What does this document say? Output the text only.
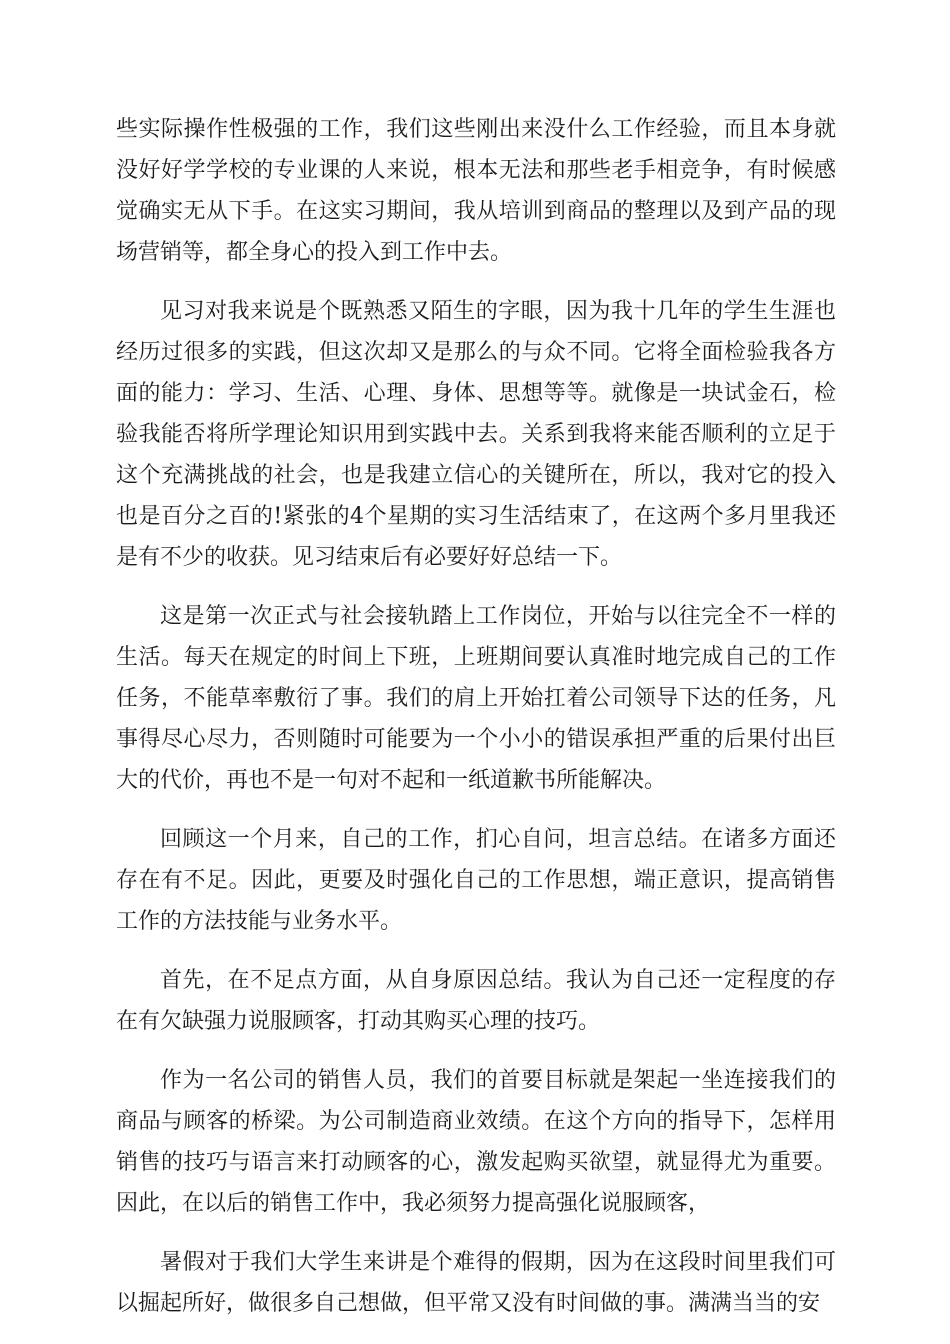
些实际操作性极强的工作，我们这些刚出来没什么工作经验，而且本身就没好好学学校的专业课的人来说，根本无法和那些老手相竞争，有时候感觉确实无从下手。在这实习期间，我从培训到商品的整理以及到产品的现场营销等，都全身心的投入到工作中去。

见习对我来说是个既熟悉又陌生的字眼，因为我十几年的学生生涯也经历过很多的实践，但这次却又是那么的与众不同。它将全面检验我各方面的能力：学习、生活、心理、身体、思想等等。就像是一块试金石，检验我能否将所学理论知识用到实践中去。关系到我将来能否顺利的立足于这个充满挑战的社会，也是我建立信心的关键所在，所以，我对它的投入也是百分之百的!紧张的4个星期的实习生活结束了，在这两个多月里我还是有不少的收获。见习结束后有必要好好总结一下。

这是第一次正式与社会接轨踏上工作岗位，开始与以往完全不一样的生活。每天在规定的时间上下班，上班期间要认真准时地完成自己的工作任务，不能草率敷衍了事。我们的肩上开始扛着公司领导下达的任务，凡事得尽心尽力，否则随时可能要为一个小小的错误承担严重的后果付出巨大的代价，再也不是一句对不起和一纸道歉书所能解决。

回顾这一个月来，自己的工作，扪心自问，坦言总结。在诸多方面还存在有不足。因此，更要及时强化自己的工作思想，端正意识，提高销售工作的方法技能与业务水平。

首先，在不足点方面，从自身原因总结。我认为自己还一定程度的存在有欠缺强力说服顾客，打动其购买心理的技巧。

作为一名公司的销售人员，我们的首要目标就是架起一坐连接我们的商品与顾客的桥梁。为公司制造商业效绩。在这个方向的指导下，怎样用销售的技巧与语言来打动顾客的心，激发起购买欲望，就显得尤为重要。因此，在以后的销售工作中，我必须努力提高强化说服顾客，

暑假对于我们大学生来讲是个难得的假期，因为在这段时间里我们可以掘起所好，做很多自己想做，但平常又没有时间做的事。满满当当的安
